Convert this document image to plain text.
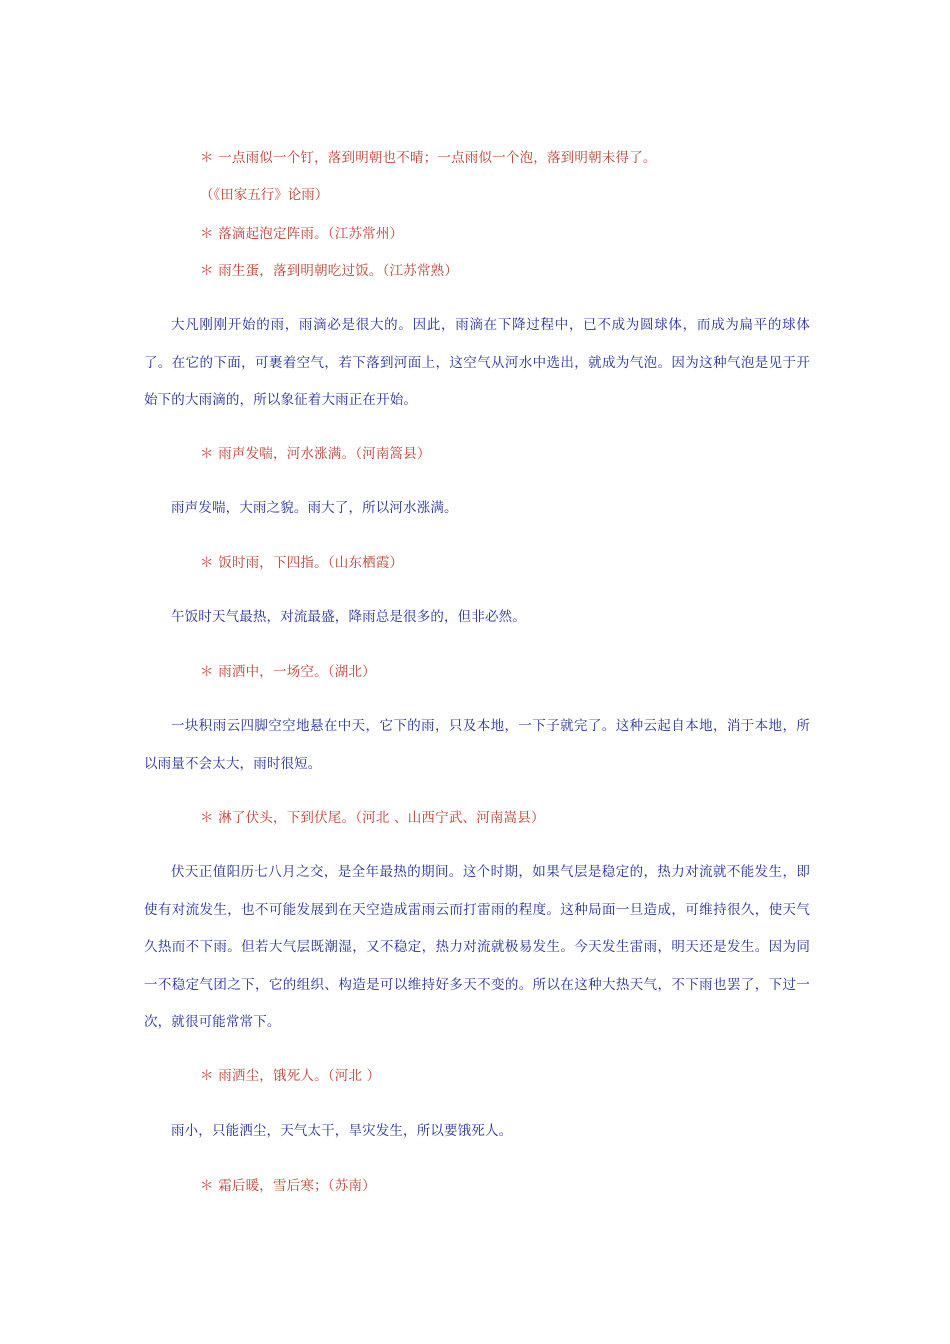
＊ 一点雨似一个钉，落到明朝也不晴；一点雨似一个泡，落到明朝未得了。
（《田家五行》论雨）
＊ 落滴起泡定阵雨。（江苏常州）
＊ 雨生蛋，落到明朝吃过饭。（江苏常熟）
大凡刚刚开始的雨，雨滴必是很大的。因此，雨滴在下降过程中，已不成为圆球体，而成为扁平的球体了。在它的下面，可裹着空气，若下落到河面上，这空气从河水中选出，就成为气泡。因为这种气泡是见于开始下的大雨滴的，所以象征着大雨正在开始。
＊ 雨声发喘，河水涨满。（河南篙县）
雨声发喘，大雨之貌。雨大了，所以河水涨满。
＊ 饭时雨，下四指。（山东栖霞）
午饭时天气最热，对流最盛，降雨总是很多的，但非必然。
＊ 雨洒中，一场空。（湖北）
一块积雨云四脚空空地悬在中天，它下的雨，只及本地，一下子就完了。这种云起自本地，消于本地，所以雨量不会太大，雨时很短。
＊ 淋了伏头，下到伏尾。（河北 、山西宁武、河南嵩县）
伏天正值阳历七八月之交，是全年最热的期间。这个时期，如果气层是稳定的，热力对流就不能发生，即使有对流发生，也不可能发展到在天空造成雷雨云而打雷雨的程度。这种局面一旦造成，可维持很久，使天气久热而不下雨。但若大气层既潮湿，又不稳定，热力对流就极易发生。今天发生雷雨，明天还是发生。因为同一不稳定气团之下，它的组织、构造是可以维持好多天不变的。所以在这种大热天气，不下雨也罢了，下过一次，就很可能常常下。
＊ 雨洒尘，饿死人。（河北 ）
雨小，只能洒尘，天气太干，旱灾发生，所以要饿死人。
＊ 霜后暖，雪后寒；（苏南）
